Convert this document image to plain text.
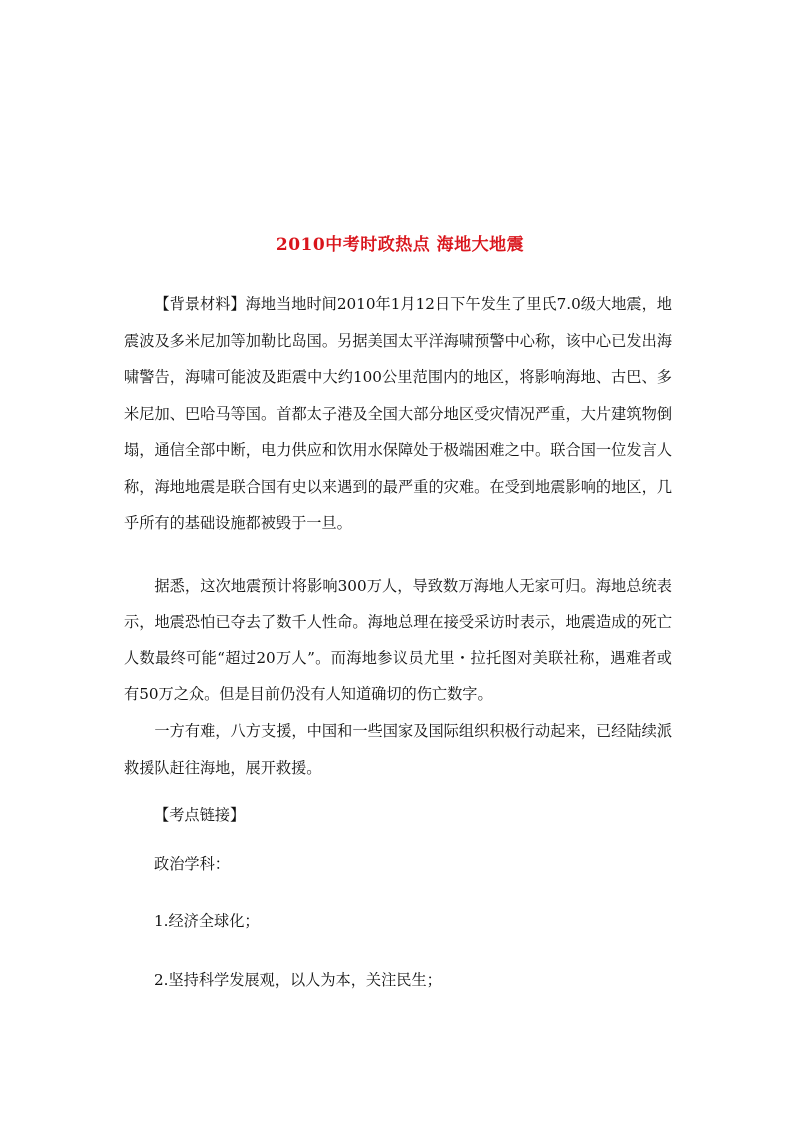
2010中考时政热点 海地大地震

【背景材料】海地当地时间2010年1月12日下午发生了里氏7.0级大地震，地震波及多米尼加等加勒比岛国。另据美国太平洋海啸预警中心称，该中心已发出海啸警告，海啸可能波及距震中大约100公里范围内的地区，将影响海地、古巴、多米尼加、巴哈马等国。首都太子港及全国大部分地区受灾情况严重，大片建筑物倒塌，通信全部中断，电力供应和饮用水保障处于极端困难之中。联合国一位发言人称，海地地震是联合国有史以来遇到的最严重的灾难。在受到地震影响的地区，几乎所有的基础设施都被毁于一旦。

据悉，这次地震预计将影响300万人，导致数万海地人无家可归。海地总统表示，地震恐怕已夺去了数千人性命。海地总理在接受采访时表示，地震造成的死亡人数最终可能“超过20万人”。而海地参议员尤里・拉托图对美联社称，遇难者或有50万之众。但是目前仍没有人知道确切的伤亡数字。

一方有难，八方支援，中国和一些国家及国际组织积极行动起来，已经陆续派救援队赶往海地，展开救援。

【考点链接】
政治学科：
1.经济全球化；
2.坚持科学发展观，以人为本，关注民生；
